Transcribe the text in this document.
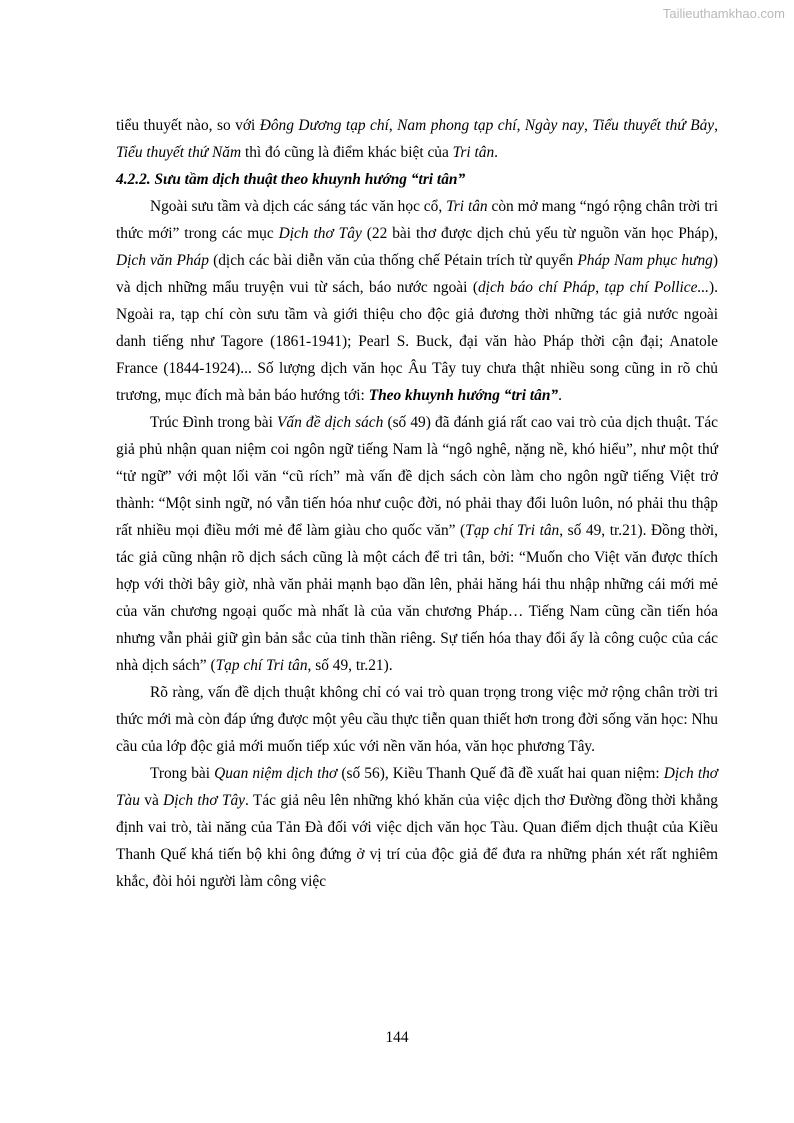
Tailieuthamkhao.com

tiểu thuyết nào, so với Đông Dương tạp chí, Nam phong tạp chí, Ngày nay, Tiểu thuyết thứ Bảy, Tiểu thuyết thứ Năm thì đó cũng là điểm khác biệt của Tri tân.

4.2.2. Sưu tầm dịch thuật theo khuynh hướng “tri tân”

Ngoài sưu tầm và dịch các sáng tác văn học cổ, Tri tân còn mở mang “ngó rộng chân trời tri thức mới” trong các mục Dịch thơ Tây (22 bài thơ được dịch chủ yếu từ nguồn văn học Pháp), Dịch văn Pháp (dịch các bài diễn văn của thống chế Pétain trích từ quyển Pháp Nam phục hưng) và dịch những mẩu truyện vui từ sách, báo nước ngoài (dịch báo chí Pháp, tạp chí Pollice...). Ngoài ra, tạp chí còn sưu tầm và giới thiệu cho độc giả đương thời những tác giả nước ngoài danh tiếng như Tagore (1861-1941); Pearl S. Buck, đại văn hào Pháp thời cận đại; Anatole France (1844-1924)... Số lượng dịch văn học Âu Tây tuy chưa thật nhiều song cũng in rõ chủ trương, mục đích mà bản báo hướng tới: Theo khuynh hướng “tri tân”.

Trúc Đình trong bài Vấn đề dịch sách (số 49) đã đánh giá rất cao vai trò của dịch thuật. Tác giả phủ nhận quan niệm coi ngôn ngữ tiếng Nam là “ngô nghê, nặng nề, khó hiểu”, như một thứ “tử ngữ” với một lối văn “cũ rích” mà vấn đề dịch sách còn làm cho ngôn ngữ tiếng Việt trở thành: “Một sinh ngữ, nó vẫn tiến hóa như cuộc đời, nó phải thay đổi luôn luôn, nó phải thu thập rất nhiều mọi điều mới mẻ để làm giàu cho quốc văn” (Tạp chí Tri tân, số 49, tr.21). Đồng thời, tác giả cũng nhận rõ dịch sách cũng là một cách để tri tân, bởi: “Muốn cho Việt văn được thích hợp với thời bây giờ, nhà văn phải mạnh bạo dần lên, phải hăng hái thu nhập những cái mới mẻ của văn chương ngoại quốc mà nhất là của văn chương Pháp… Tiếng Nam cũng cần tiến hóa nhưng vẫn phải giữ gìn bản sắc của tinh thần riêng. Sự tiến hóa thay đổi ấy là công cuộc của các nhà dịch sách” (Tạp chí Tri tân, số 49, tr.21).

Rõ ràng, vấn đề dịch thuật không chỉ có vai trò quan trọng trong việc mở rộng chân trời tri thức mới mà còn đáp ứng được một yêu cầu thực tiễn quan thiết hơn trong đời sống văn học: Nhu cầu của lớp độc giả mới muốn tiếp xúc với nền văn hóa, văn học phương Tây.

Trong bài Quan niệm dịch thơ (số 56), Kiều Thanh Quế đã đề xuất hai quan niệm: Dịch thơ Tàu và Dịch thơ Tây. Tác giả nêu lên những khó khăn của việc dịch thơ Đường đồng thời khẳng định vai trò, tài năng của Tản Đà đối với việc dịch văn học Tàu. Quan điểm dịch thuật của Kiều Thanh Quế khá tiến bộ khi ông đứng ở vị trí của độc giả để đưa ra những phán xét rất nghiêm khắc, đòi hỏi người làm công việc

144
